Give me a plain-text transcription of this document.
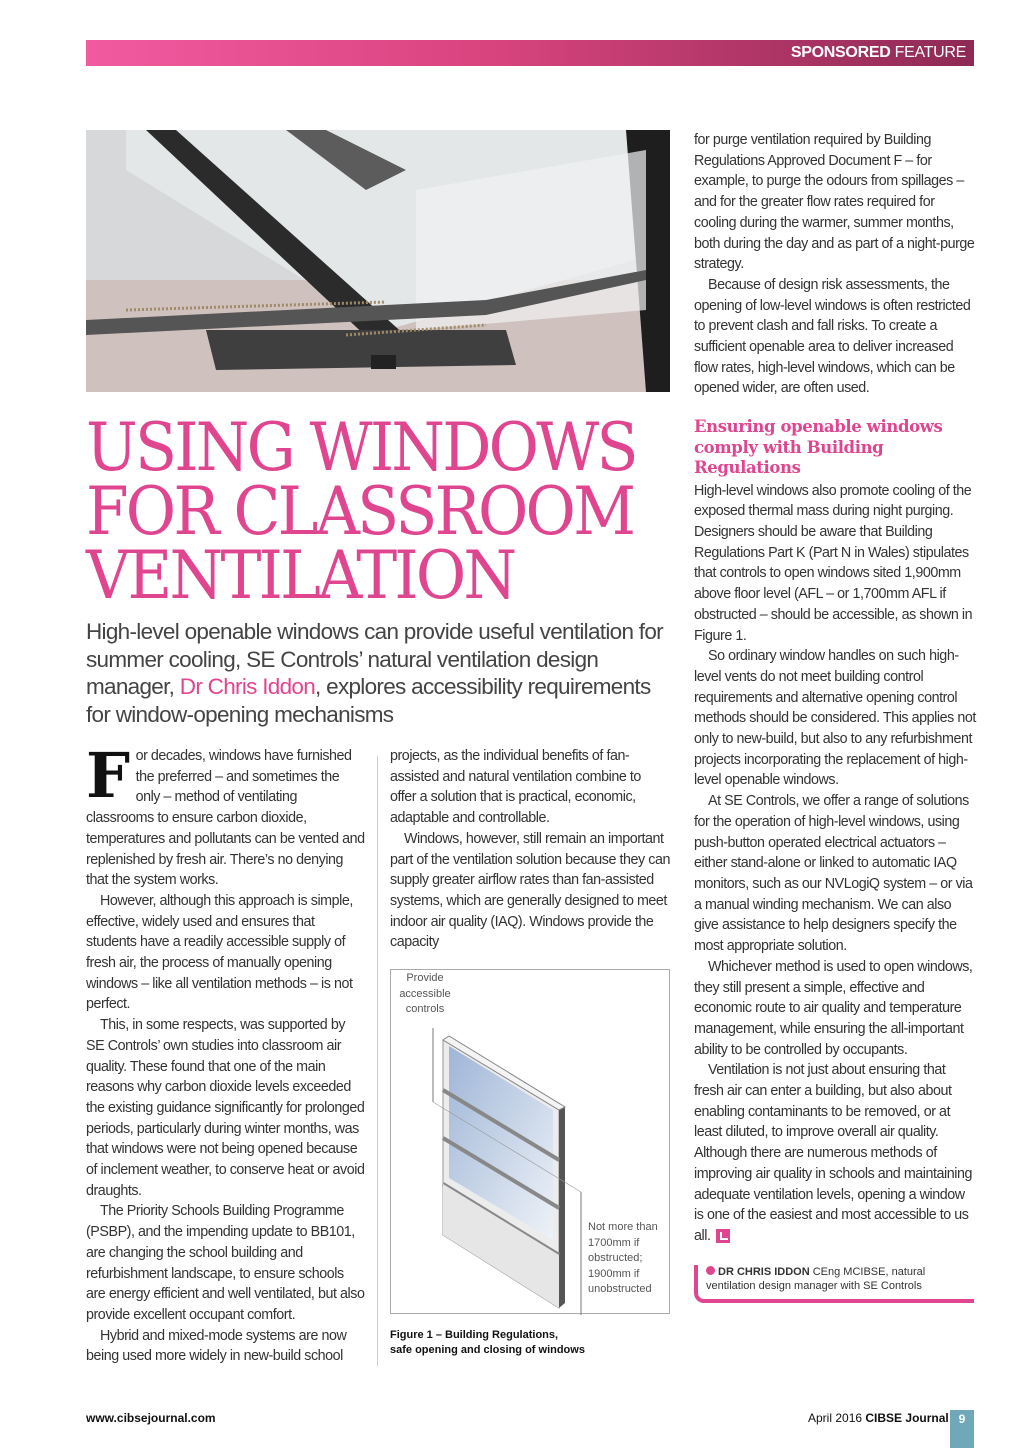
SPONSORED FEATURE
USING WINDOWS
FOR CLASSROOM
VENTILATION

High-level openable windows can provide useful ventilation for summer cooling, SE Controls’ natural ventilation design manager, Dr Chris Iddon, explores accessibility requirements for window-opening mechanisms

For decades, windows have furnished the preferred – and sometimes the only – method of ventilating classrooms to ensure carbon dioxide, temperatures and pollutants can be vented and replenished by fresh air. There’s no denying that the system works.

However, although this approach is simple, effective, widely used and ensures that students have a readily accessible supply of fresh air, the process of manually opening windows – like all ventilation methods – is not perfect.

This, in some respects, was supported by SE Controls’ own studies into classroom air quality. These found that one of the main reasons why carbon dioxide levels exceeded the existing guidance significantly for prolonged periods, particularly during winter months, was that windows were not being opened because of inclement weather, to conserve heat or avoid draughts.

The Priority Schools Building Programme (PSBP), and the impending update to BB101, are changing the school building and refurbishment landscape, to ensure schools are energy efficient and well ventilated, but also provide excellent occupant comfort.

Hybrid and mixed-mode systems are now being used more widely in new-build school

projects, as the individual benefits of fan-assisted and natural ventilation combine to offer a solution that is practical, economic, adaptable and controllable.

Windows, however, still remain an important part of the ventilation solution because they can supply greater airflow rates than fan-assisted systems, which are generally designed to meet indoor air quality (IAQ). Windows provide the capacity

Provide accessible controls
Not more than 1700mm if obstructed; 1900mm if unobstructed
Figure 1 – Building Regulations,
safe opening and closing of windows

for purge ventilation required by Building Regulations Approved Document F – for example, to purge the odours from spillages – and for the greater flow rates required for cooling during the warmer, summer months, both during the day and as part of a night-purge strategy.

Because of design risk assessments, the opening of low-level windows is often restricted to prevent clash and fall risks. To create a sufficient openable area to deliver increased flow rates, high-level windows, which can be opened wider, are often used.

Ensuring openable windows comply with Building Regulations

High-level windows also promote cooling of the exposed thermal mass during night purging. Designers should be aware that Building Regulations Part K (Part N in Wales) stipulates that controls to open windows sited 1,900mm above floor level (AFL – or 1,700mm AFL if obstructed – should be accessible, as shown in Figure 1.

So ordinary window handles on such high-level vents do not meet building control requirements and alternative opening control methods should be considered. This applies not only to new-build, but also to any refurbishment projects incorporating the replacement of high-level openable windows.

At SE Controls, we offer a range of solutions for the operation of high-level windows, using push-button operated electrical actuators – either stand-alone or linked to automatic IAQ monitors, such as our NVLogiQ system – or via a manual winding mechanism. We can also give assistance to help designers specify the most appropriate solution.

Whichever method is used to open windows, they still present a simple, effective and economic route to air quality and temperature management, while ensuring the all-important ability to be controlled by occupants.

Ventilation is not just about ensuring that fresh air can enter a building, but also about enabling contaminants to be removed, or at least diluted, to improve overall air quality. Although there are numerous methods of improving air quality in schools and maintaining adequate ventilation levels, opening a window is one of the easiest and most accessible to us all.

DR CHRIS IDDON CEng MCIBSE, natural ventilation design manager with SE Controls
www.cibsejournal.com	April 2016 CIBSE Journal 9
